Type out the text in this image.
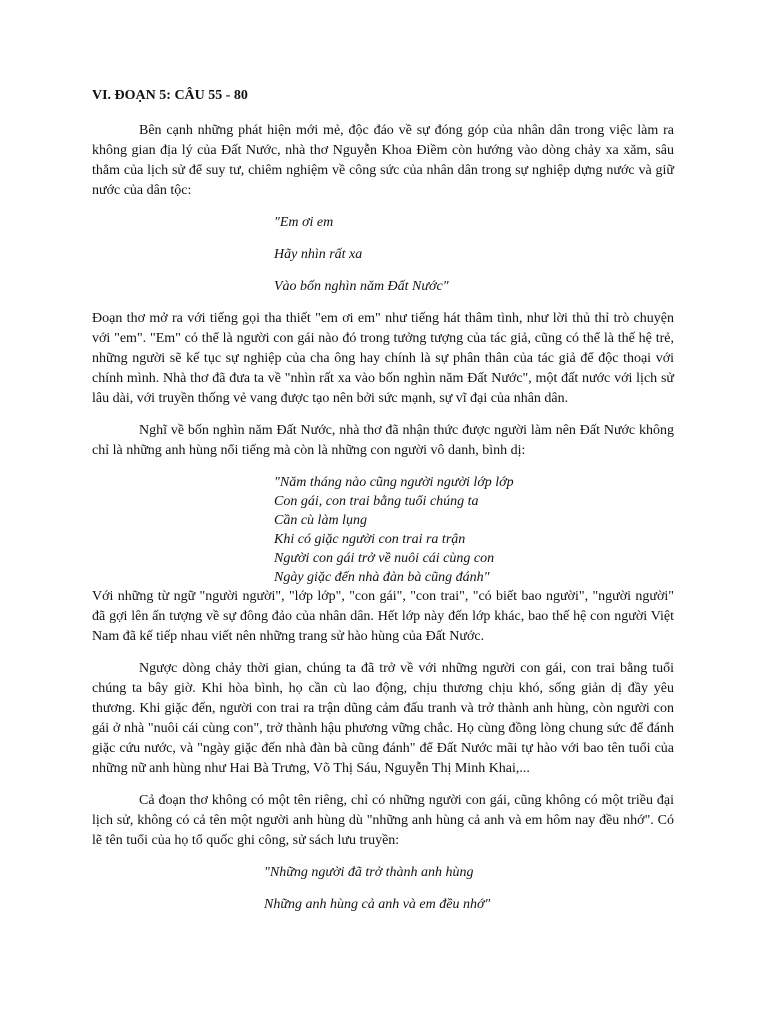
VI. ĐOẠN 5: CÂU 55 - 80

Bên cạnh những phát hiện mới mẻ, độc đáo về sự đóng góp của nhân dân trong việc làm ra không gian địa lý của Đất Nước, nhà thơ Nguyễn Khoa Điềm còn hướng vào dòng chảy xa xăm, sâu thẳm của lịch sử để suy tư, chiêm nghiệm về công sức của nhân dân trong sự nghiệp dựng nước và giữ nước của dân tộc:

"Em ơi em
Hãy nhìn rất xa
Vào bốn nghìn năm Đất Nước"

Đoạn thơ mở ra với tiếng gọi tha thiết "em ơi em" như tiếng hát thâm tình, như lời thủ thỉ trò chuyện với "em". "Em" có thể là người con gái nào đó trong tưởng tượng của tác giả, cũng có thể là thế hệ trẻ, những người sẽ kế tục sự nghiệp của cha ông hay chính là sự phân thân của tác giả để độc thoại với chính mình. Nhà thơ đã đưa ta về "nhìn rất xa vào bốn nghìn năm Đất Nước", một đất nước với lịch sử lâu dài, với truyền thống vẻ vang được tạo nên bởi sức mạnh, sự vĩ đại của nhân dân.

Nghĩ về bốn nghìn năm Đất Nước, nhà thơ đã nhận thức được người làm nên Đất Nước không chỉ là những anh hùng nổi tiếng mà còn là những con người vô danh, bình dị:

"Năm tháng nào cũng người người lớp lớp
Con gái, con trai bằng tuổi chúng ta
Cần cù làm lụng
Khi có giặc người con trai ra trận
Người con gái trở về nuôi cái cùng con
Ngày giặc đến nhà đàn bà cũng đánh"

Với những từ ngữ "người người", "lớp lớp", "con gái", "con trai", "có biết bao người", "người người" đã gợi lên ấn tượng về sự đông đảo của nhân dân. Hết lớp này đến lớp khác, bao thế hệ con người Việt Nam đã kế tiếp nhau viết nên những trang sử hào hùng của Đất Nước.

Ngược dòng chảy thời gian, chúng ta đã trở về với những người con gái, con trai bằng tuổi chúng ta bây giờ. Khi hòa bình, họ cần cù lao động, chịu thương chịu khó, sống giản dị đầy yêu thương. Khi giặc đến, người con trai ra trận dũng cảm đấu tranh và trở thành anh hùng, còn người con gái ở nhà "nuôi cái cùng con", trở thành hậu phương vững chắc. Họ cùng đồng lòng chung sức để đánh giặc cứu nước, và "ngày giặc đến nhà đàn bà cũng đánh" để Đất Nước mãi tự hào với bao tên tuổi của những nữ anh hùng như Hai Bà Trưng, Võ Thị Sáu, Nguyễn Thị Minh Khai,...

Cả đoạn thơ không có một tên riêng, chỉ có những người con gái, cũng không có một triều đại lịch sử, không có cả tên một người anh hùng dù "những anh hùng cả anh và em hôm nay đều nhớ". Có lẽ tên tuổi của họ tổ quốc ghi công, sử sách lưu truyền:

"Những người đã trở thành anh hùng
Những anh hùng cả anh và em đều nhớ"
